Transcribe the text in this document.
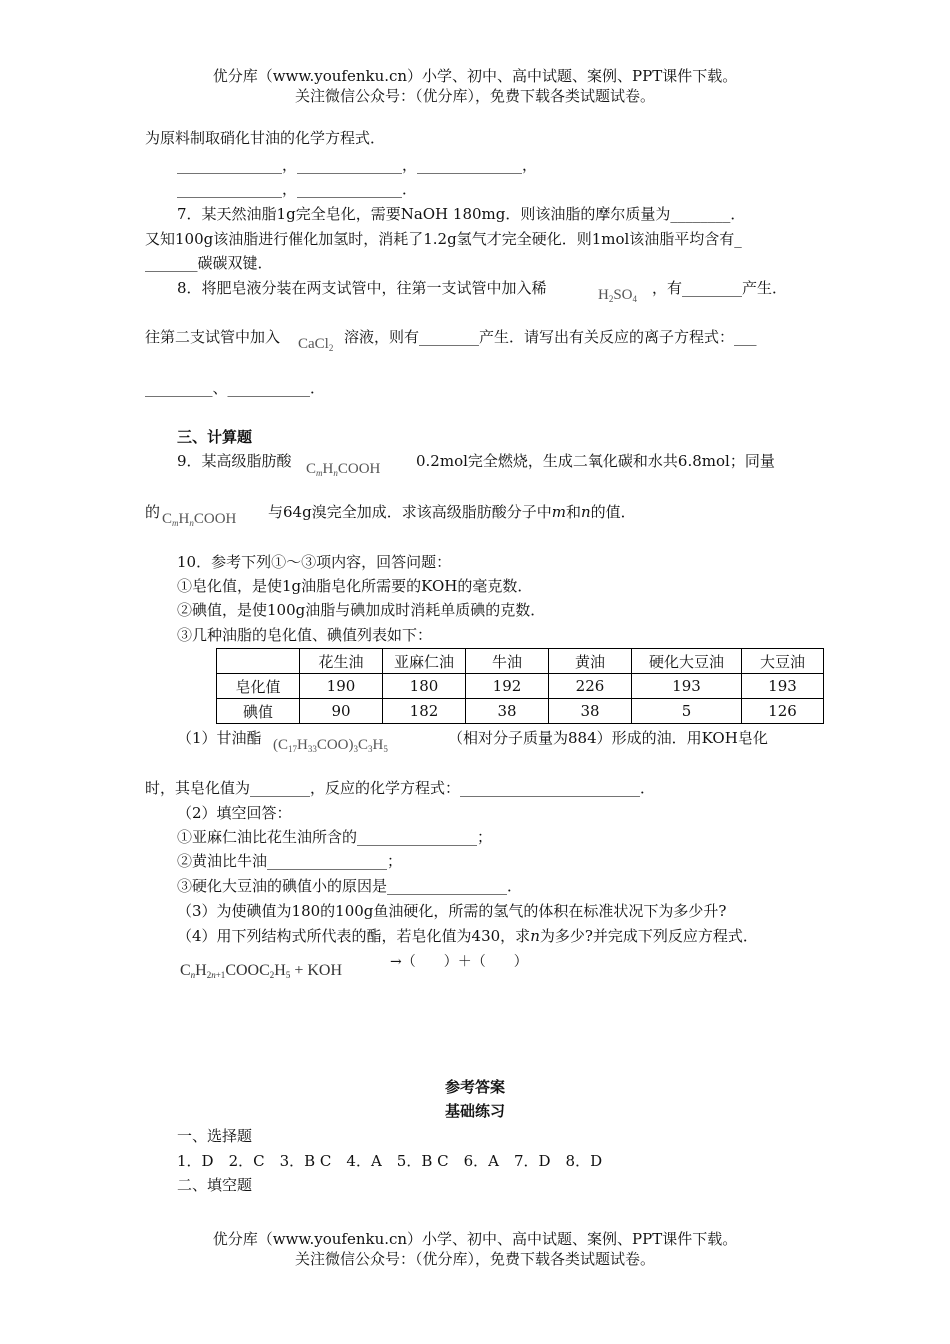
优分库（www.youfenku.cn）小学、初中、高中试题、案例、PPT课件下载。
关注微信公众号：（优分库），免费下载各类试题试卷。
为原料制取硝化甘油的化学方程式．
______________，______________，______________，
______________，______________．
7．某天然油脂1g完全皂化，需要NaOH 180mg．则该油脂的摩尔质量为________．
又知100g该油脂进行催化加氢时，消耗了1.2g氢气才完全硬化．则1mol该油脂平均含有_
_______碳碳双键．
8．将肥皂液分装在两支试管中，往第一支试管中加入稀	$H_2SO_4$
，有________产生．
往第二支试管中加入 CaCl$_2$
溶液，则有________产生．请写出有关反应的离子方程式：___
_________、___________．
三、计算题
9．某高级脂肪酸 $C_mH_nCOOH$ 0.2mol完全燃烧，生成二氧化碳和水共6.8mol；同量
的 $C_mH_nCOOH$ 与64g溴完全加成．求该高级脂肪酸分子中m和n的值．
10．参考下列①～③项内容，回答问题：
①皂化值，是使1g油脂皂化所需要的KOH的毫克数．
②碘值，是使100g油脂与碘加成时消耗单质碘的克数．
③几种油脂的皂化值、碘值列表如下：
	花生油	亚麻仁油	牛油	黄油	硬化大豆油	大豆油
皂化值	190	180	192	226	193	193
碘值	90	182	38	38	5	126
（1）甘油酯 $(C_{17}H_{33}COO)_3C_3H_5$
（相对分子质量为884）形成的油．用KOH皂化
时，其皂化值为________，反应的化学方程式：________________________．
（2）填空回答：
①亚麻仁油比花生油所含的________________；
②黄油比牛油________________；
③硬化大豆油的碘值小的原因是________________．
（3）为使碘值为180的100g鱼油硬化，所需的氢气的体积在标准状况下为多少升?
（4）用下列结构式所代表的酯，若皂化值为430，求n为多少?并完成下列反应方程式．
$C_nH_{2n+1}COOC_2H_5$ + KOH	→（　　）＋（　　）
参考答案
基础练习
一、选择题
1．D　2．C　3．B C　4．A　5．B C　6．A　7．D　8．D
二、填空题
优分库（www.youfenku.cn）小学、初中、高中试题、案例、PPT课件下载。
关注微信公众号：（优分库），免费下载各类试题试卷。
